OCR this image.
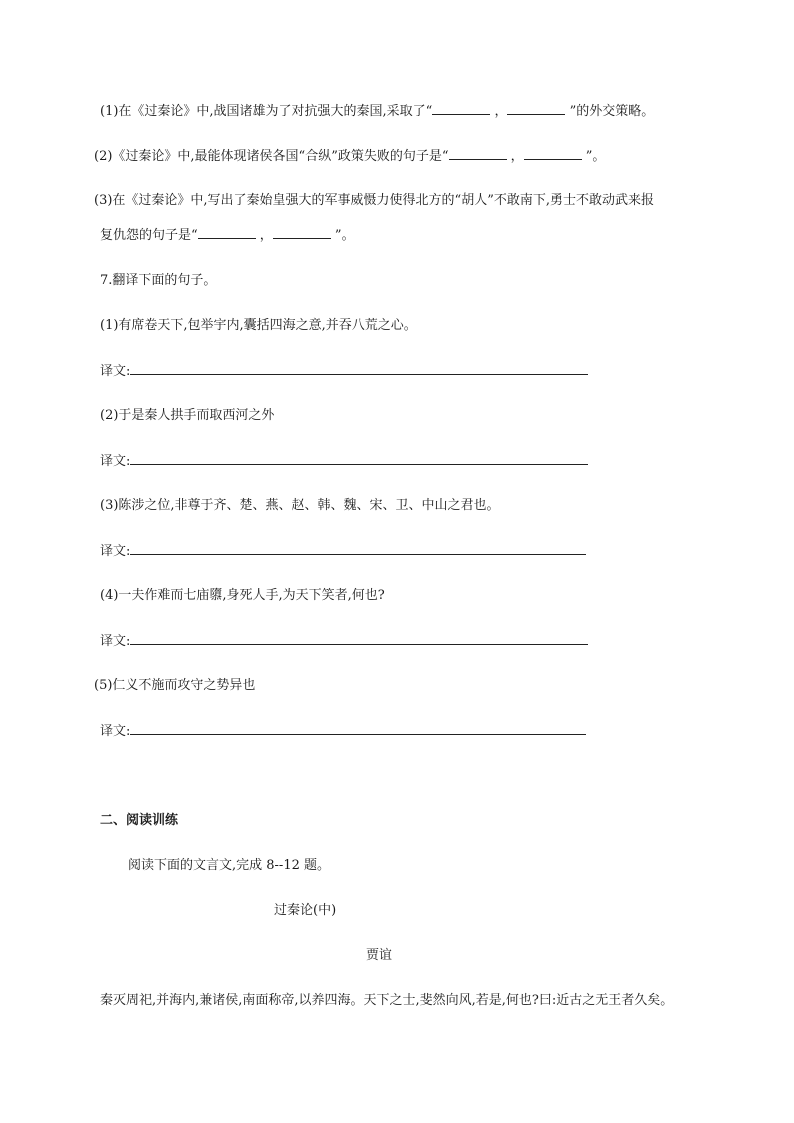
(1)在《过秦论》中,战国诸雄为了对抗强大的秦国,采取了“	，	”的外交策略。
(2)《过秦论》中,最能体现诸侯各国“合纵”政策失败的句子是“	，	”。
(3)在《过秦论》中,写出了秦始皇强大的军事威慑力使得北方的“胡人”不敢南下,勇士不敢动武来报
复仇怨的句子是“	，	”。
7.翻译下面的句子。
(1)有席卷天下,包举宇内,囊括四海之意,并吞八荒之心。
译文:
(2)于是秦人拱手而取西河之外
译文:
(3)陈涉之位,非尊于齐、楚、燕、赵、韩、魏、宋、卫、中山之君也。
译文:
(4)一夫作难而七庙隳,身死人手,为天下笑者,何也?
译文:
(5)仁义不施而攻守之势异也
译文:
二、阅读训练
阅读下面的文言文,完成 8--12 题。
过秦论(中)
贾谊
秦灭周祀,并海内,兼诸侯,南面称帝,以养四海。天下之士,斐然向风,若是,何也?曰:近古之无王者久矣。
